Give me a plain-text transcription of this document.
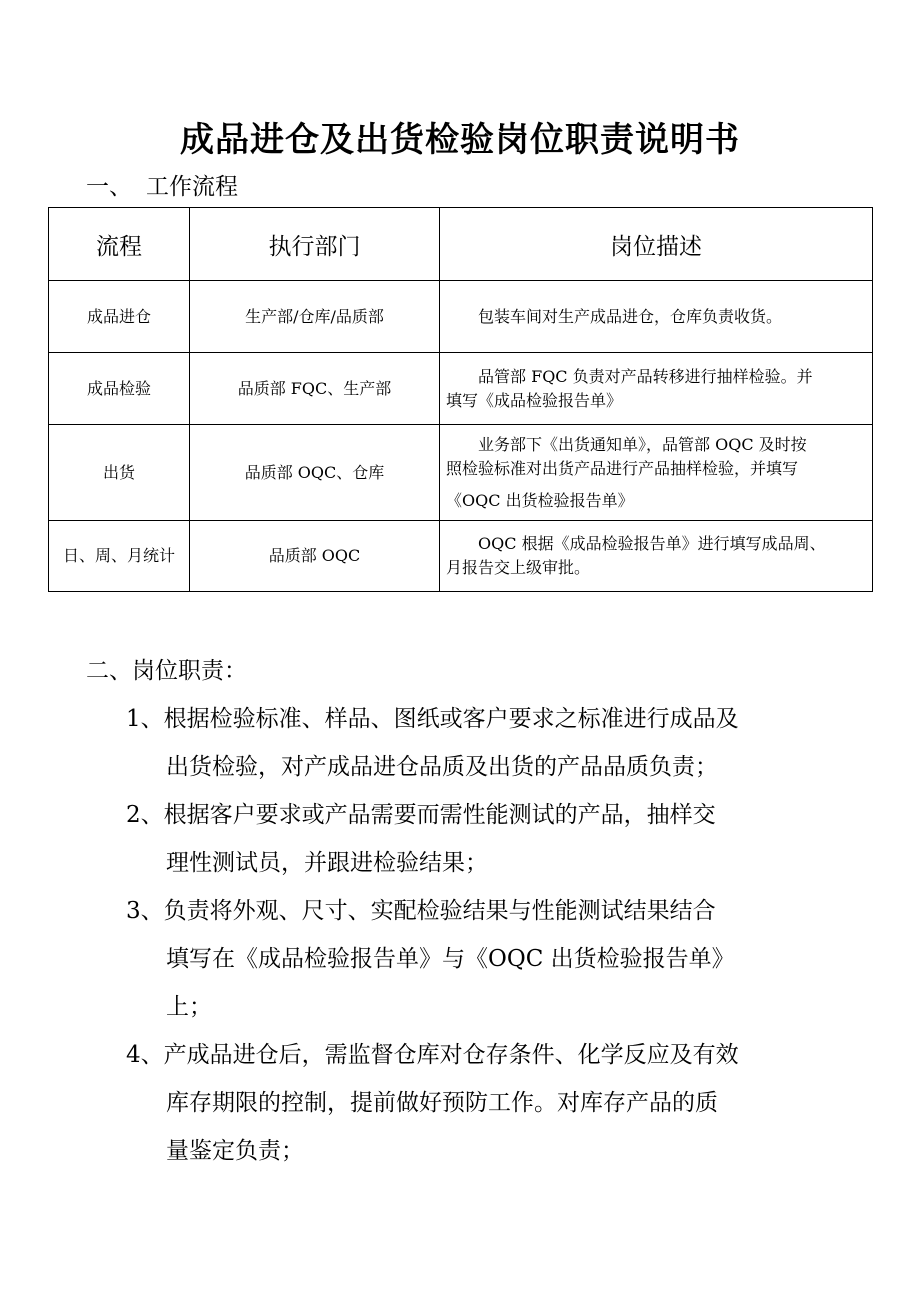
成品进仓及出货检验岗位职责说明书
一、 工作流程
流程	执行部门	岗位描述
成品进仓	生产部/仓库/品质部	包装车间对生产成品进仓，仓库负责收货。

成品检验	品质部 FQC、生产部	品管部 FQC 负责对产品转移进行抽样检验。并
填写《成品检验报告单》

出货	品质部 OQC、仓库	业务部下《出货通知单》，品管部 OQC 及时按
照检验标准对出货产品进行产品抽样检验，并填写
《OQC 出货检验报告单》

日、周、月统计	品质部 OQC	OQC 根据《成品检验报告单》进行填写成品周、
月报告交上级审批。
二、岗位职责：
1、根据检验标准、样品、图纸或客户要求之标准进行成品及
出货检验，对产成品进仓品质及出货的产品品质负责；
2、根据客户要求或产品需要而需性能测试的产品，抽样交
理性测试员，并跟进检验结果；
3、负责将外观、尺寸、实配检验结果与性能测试结果结合
填写在《成品检验报告单》与《OQC 出货检验报告单》
上；
4、产成品进仓后，需监督仓库对仓存条件、化学反应及有效
库存期限的控制，提前做好预防工作。对库存产品的质
量鉴定负责；
